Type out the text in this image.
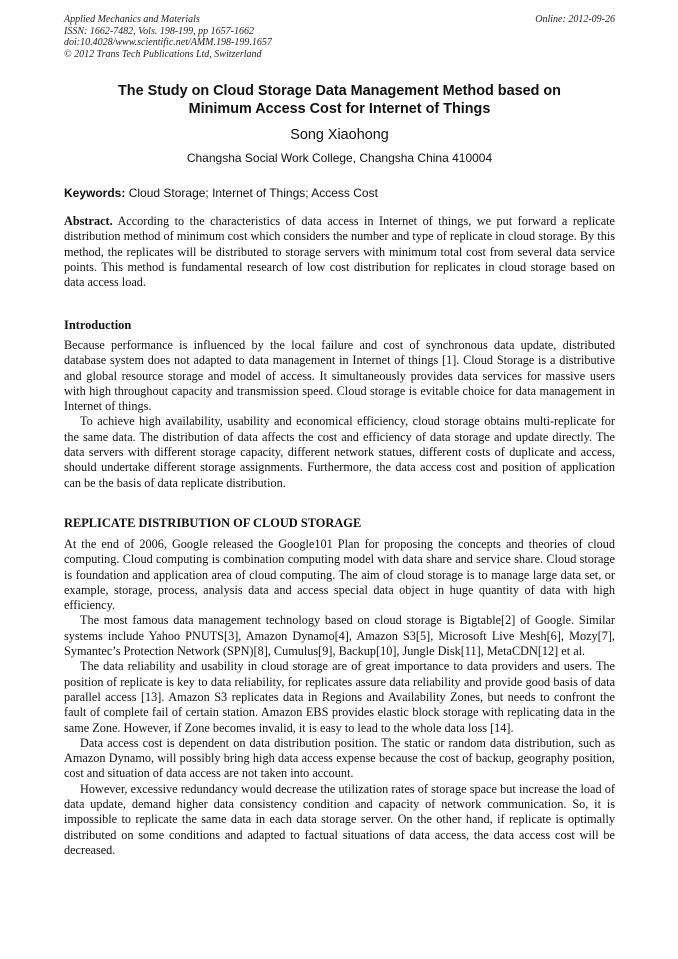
Applied Mechanics and Materials
ISSN: 1662-7482, Vols. 198-199, pp 1657-1662
doi:10.4028/www.scientific.net/AMM.198-199.1657
© 2012 Trans Tech Publications Ltd, Switzerland
Online: 2012-09-26
The Study on Cloud Storage Data Management Method based on
Minimum Access Cost for Internet of Things
Song Xiaohong
Changsha Social Work College, Changsha China 410004
Keywords: Cloud Storage; Internet of Things; Access Cost

Abstract. According to the characteristics of data access in Internet of things, we put forward a replicate distribution method of minimum cost which considers the number and type of replicate in cloud storage. By this method, the replicates will be distributed to storage servers with minimum total cost from several data service points. This method is fundamental research of low cost distribution for replicates in cloud storage based on data access load.

Introduction

Because performance is influenced by the local failure and cost of synchronous data update, distributed database system does not adapted to data management in Internet of things [1]. Cloud Storage is a distributive and global resource storage and model of access. It simultaneously provides data services for massive users with high throughout capacity and transmission speed. Cloud storage is evitable choice for data management in Internet of things.

To achieve high availability, usability and economical efficiency, cloud storage obtains multi-replicate for the same data. The distribution of data affects the cost and efficiency of data storage and update directly. The data servers with different storage capacity, different network statues, different costs of duplicate and access, should undertake different storage assignments. Furthermore, the data access cost and position of application can be the basis of data replicate distribution.

REPLICATE DISTRIBUTION OF CLOUD STORAGE

At the end of 2006, Google released the Google101 Plan for proposing the concepts and theories of cloud computing. Cloud computing is combination computing model with data share and service share. Cloud storage is foundation and application area of cloud computing. The aim of cloud storage is to manage large data set, or example, storage, process, analysis data and access special data object in huge quantity of data with high efficiency.

The most famous data management technology based on cloud storage is Bigtable[2] of Google. Similar systems include Yahoo PNUTS[3], Amazon Dynamo[4], Amazon S3[5], Microsoft Live Mesh[6], Mozy[7], Symantec’s Protection Network (SPN)[8], Cumulus[9], Backup[10], Jungle Disk[11], MetaCDN[12] et al.

The data reliability and usability in cloud storage are of great importance to data providers and users. The position of replicate is key to data reliability, for replicates assure data reliability and provide good basis of data parallel access [13]. Amazon S3 replicates data in Regions and Availability Zones, but needs to confront the fault of complete fail of certain station. Amazon EBS provides elastic block storage with replicating data in the same Zone. However, if Zone becomes invalid, it is easy to lead to the whole data loss [14].

Data access cost is dependent on data distribution position. The static or random data distribution, such as Amazon Dynamo, will possibly bring high data access expense because the cost of backup, geography position, cost and situation of data access are not taken into account.

However, excessive redundancy would decrease the utilization rates of storage space but increase the load of data update, demand higher data consistency condition and capacity of network communication. So, it is impossible to replicate the same data in each data storage server. On the other hand, if replicate is optimally distributed on some conditions and adapted to factual situations of data access, the data access cost will be decreased.
